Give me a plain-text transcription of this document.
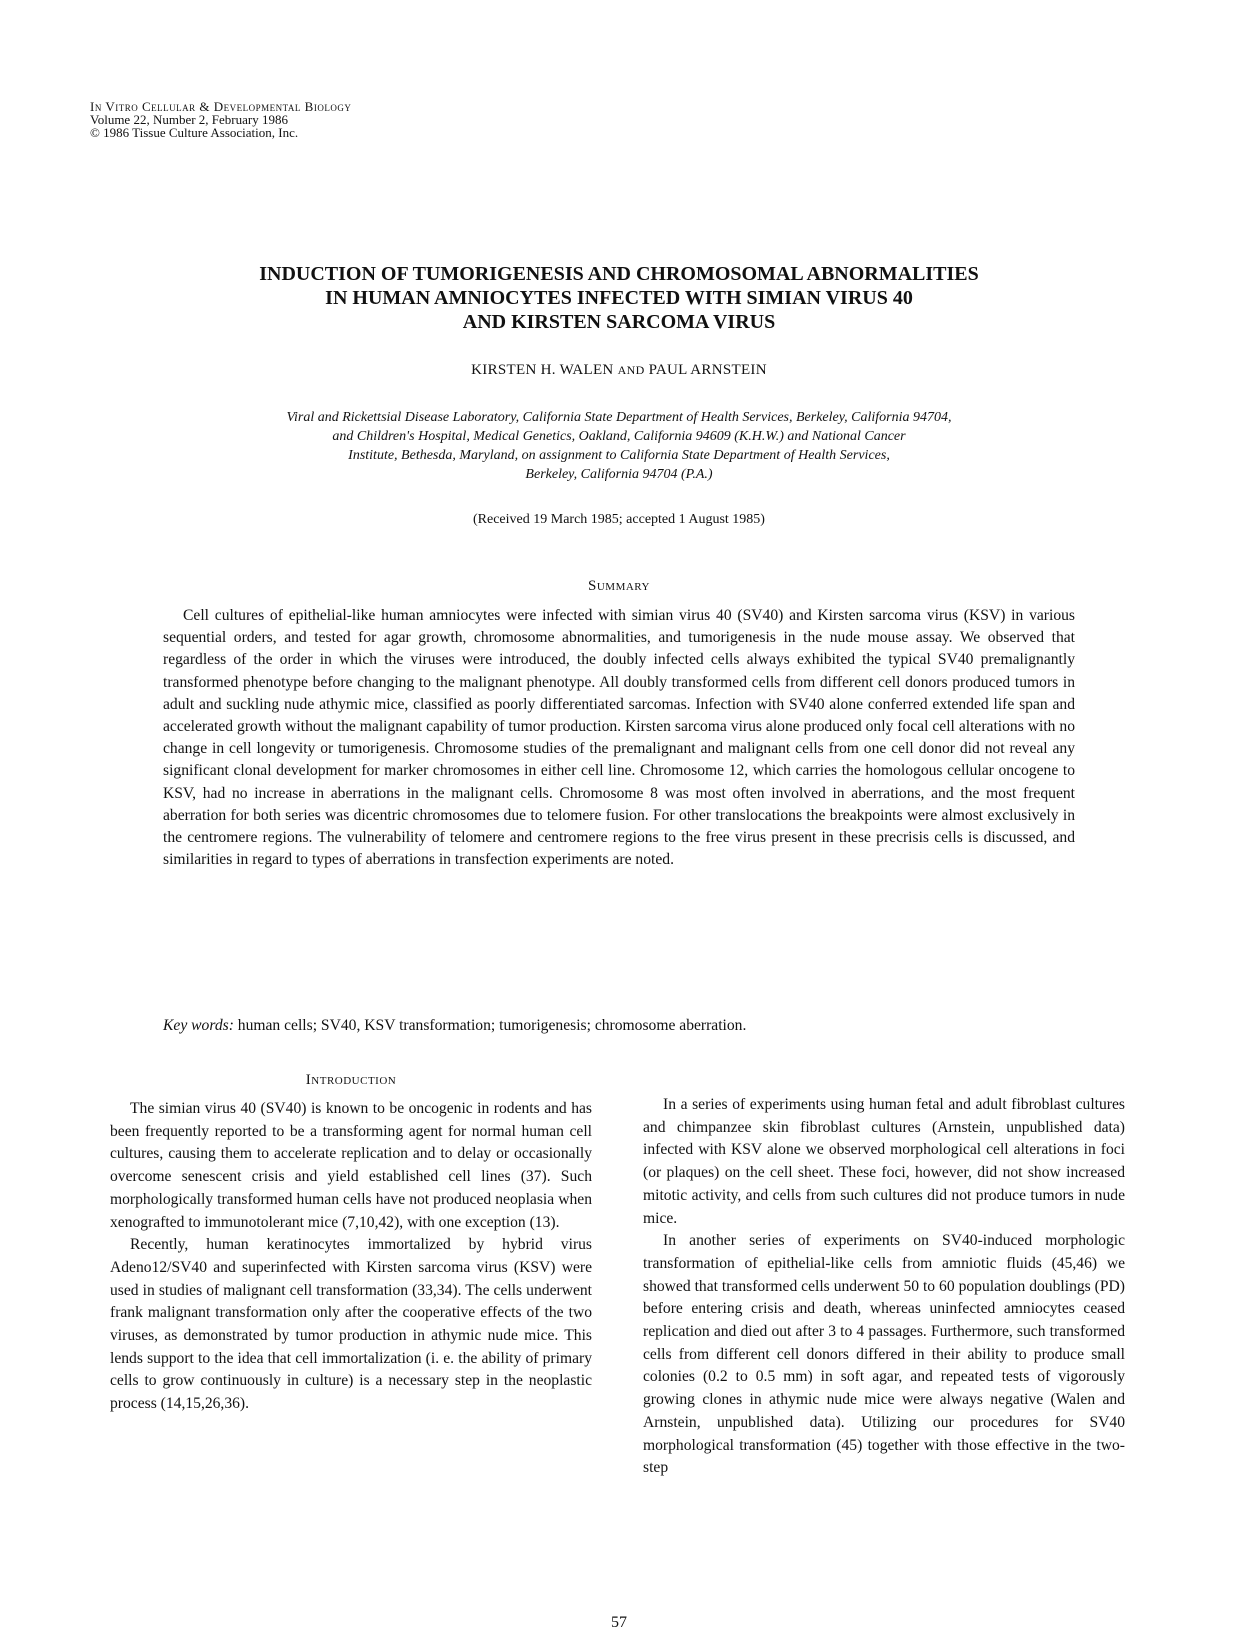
In Vitro Cellular & Developmental Biology
Volume 22, Number 2, February 1986
© 1986 Tissue Culture Association, Inc.
INDUCTION OF TUMORIGENESIS AND CHROMOSOMAL ABNORMALITIES
IN HUMAN AMNIOCYTES INFECTED WITH SIMIAN VIRUS 40
AND KIRSTEN SARCOMA VIRUS
KIRSTEN H. WALEN AND PAUL ARNSTEIN
Viral and Rickettsial Disease Laboratory, California State Department of Health Services, Berkeley, California 94704,
and Children's Hospital, Medical Genetics, Oakland, California 94609 (K.H.W.) and National Cancer
Institute, Bethesda, Maryland, on assignment to California State Department of Health Services,
Berkeley, California 94704 (P.A.)
(Received 19 March 1985; accepted 1 August 1985)
Summary
Cell cultures of epithelial-like human amniocytes were infected with simian virus 40 (SV40) and Kirsten sarcoma virus (KSV) in various sequential orders, and tested for agar growth, chromosome abnormalities, and tumorigenesis in the nude mouse assay. We observed that regardless of the order in which the viruses were introduced, the doubly infected cells always exhibited the typical SV40 premalignantly transformed phenotype before changing to the malignant phenotype. All doubly transformed cells from different cell donors produced tumors in adult and suckling nude athymic mice, classified as poorly differentiated sarcomas. Infection with SV40 alone conferred extended life span and accelerated growth without the malignant capability of tumor production. Kirsten sarcoma virus alone produced only focal cell alterations with no change in cell longevity or tumorigenesis. Chromosome studies of the premalignant and malignant cells from one cell donor did not reveal any significant clonal development for marker chromosomes in either cell line. Chromosome 12, which carries the homologous cellular oncogene to KSV, had no increase in aberrations in the malignant cells. Chromosome 8 was most often involved in aberrations, and the most frequent aberration for both series was dicentric chromosomes due to telomere fusion. For other translocations the breakpoints were almost exclusively in the centromere regions. The vulnerability of telomere and centromere regions to the free virus present in these precrisis cells is discussed, and similarities in regard to types of aberrations in transfection experiments are noted.
Key words: human cells; SV40, KSV transformation; tumorigenesis; chromosome aberration.
Introduction

The simian virus 40 (SV40) is known to be oncogenic in rodents and has been frequently reported to be a transforming agent for normal human cell cultures, causing them to accelerate replication and to delay or occasionally overcome senescent crisis and yield established cell lines (37). Such morphologically transformed human cells have not produced neoplasia when xenografted to immunotolerant mice (7,10,42), with one exception (13).

Recently, human keratinocytes immortalized by hybrid virus Adeno12/SV40 and superinfected with Kirsten sarcoma virus (KSV) were used in studies of malignant cell transformation (33,34). The cells underwent frank malignant transformation only after the cooperative effects of the two viruses, as demonstrated by tumor production in athymic nude mice. This lends support to the idea that cell immortalization (i. e. the ability of primary cells to grow continuously in culture) is a necessary step in the neoplastic process (14,15,26,36).

In a series of experiments using human fetal and adult fibroblast cultures and chimpanzee skin fibroblast cultures (Arnstein, unpublished data) infected with KSV alone we observed morphological cell alterations in foci (or plaques) on the cell sheet. These foci, however, did not show increased mitotic activity, and cells from such cultures did not produce tumors in nude mice.

In another series of experiments on SV40-induced morphologic transformation of epithelial-like cells from amniotic fluids (45,46) we showed that transformed cells underwent 50 to 60 population doublings (PD) before entering crisis and death, whereas uninfected amniocytes ceased replication and died out after 3 to 4 passages. Furthermore, such transformed cells from different cell donors differed in their ability to produce small colonies (0.2 to 0.5 mm) in soft agar, and repeated tests of vigorously growing clones in athymic nude mice were always negative (Walen and Arnstein, unpublished data). Utilizing our procedures for SV40 morphological transformation (45) together with those effective in the two-step

57
